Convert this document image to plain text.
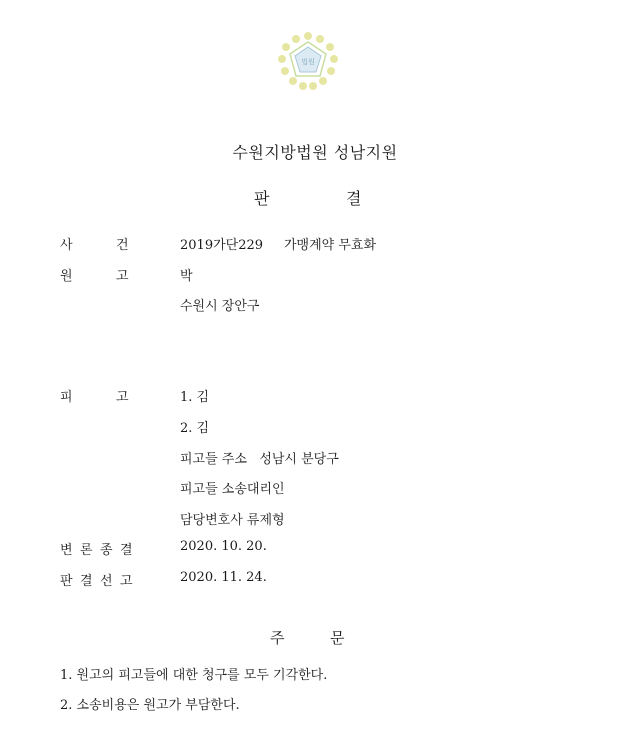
법원
수원지방법원 성남지원
판	결
사	건	2019가단229 가맹계약 무효화
원	고	박
수원시 장안구
피	고	1. 김
2. 김
피고들 주소   성남시 분당구
피고들 소송대리인
담당변호사 류제형
변 론 종 결	2020. 10. 20.
판 결 선 고	2020. 11. 24.
주	문
1. 원고의 피고들에 대한 청구를 모두 기각한다.
2. 소송비용은 원고가 부담한다.
